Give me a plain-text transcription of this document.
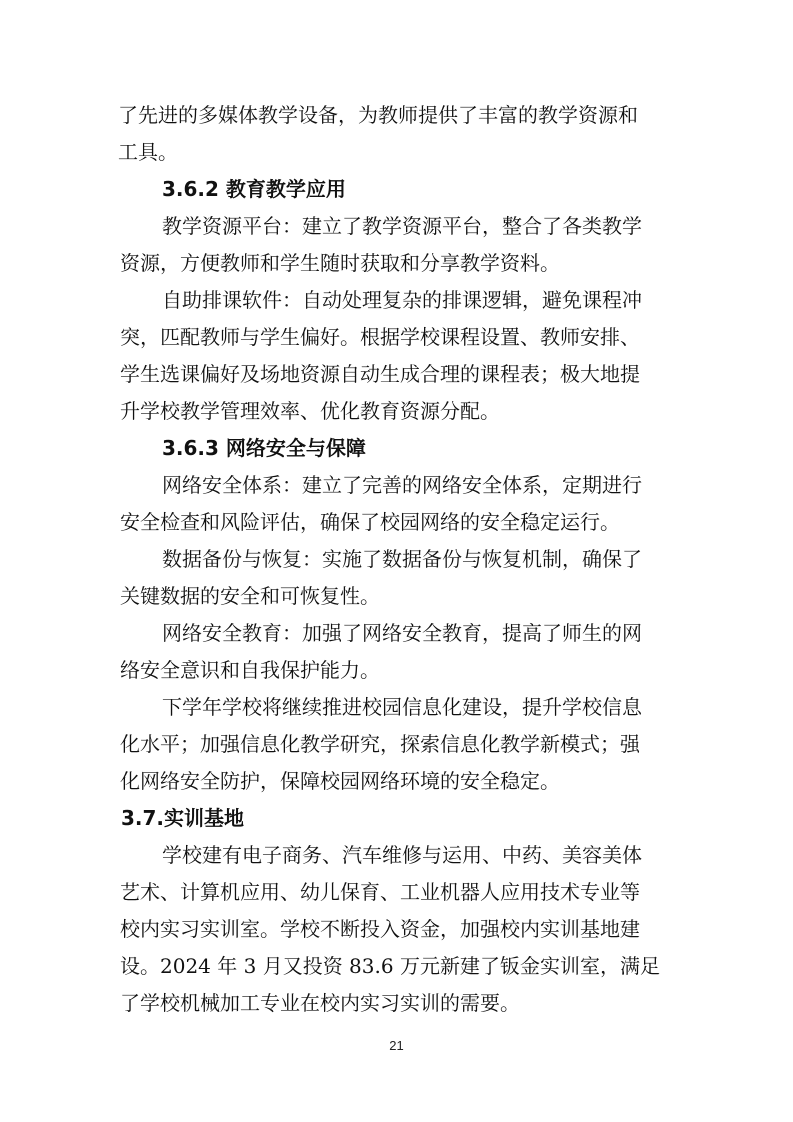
了先进的多媒体教学设备，为教师提供了丰富的教学资源和
工具。
3.6.2 教育教学应用
教学资源平台：建立了教学资源平台，整合了各类教学
资源，方便教师和学生随时获取和分享教学资料。
自助排课软件：自动处理复杂的排课逻辑，避免课程冲
突，匹配教师与学生偏好。根据学校课程设置、教师安排、
学生选课偏好及场地资源自动生成合理的课程表；极大地提
升学校教学管理效率、优化教育资源分配。
3.6.3 网络安全与保障
网络安全体系：建立了完善的网络安全体系，定期进行
安全检查和风险评估，确保了校园网络的安全稳定运行。
数据备份与恢复：实施了数据备份与恢复机制，确保了
关键数据的安全和可恢复性。
网络安全教育：加强了网络安全教育，提高了师生的网
络安全意识和自我保护能力。
下学年学校将继续推进校园信息化建设，提升学校信息
化水平；加强信息化教学研究，探索信息化教学新模式；强
化网络安全防护，保障校园网络环境的安全稳定。
3.7.实训基地
学校建有电子商务、汽车维修与运用、中药、美容美体
艺术、计算机应用、幼儿保育、工业机器人应用技术专业等
校内实习实训室。学校不断投入资金，加强校内实训基地建
设。2024 年 3 月又投资 83.6 万元新建了钣金实训室，满足
了学校机械加工专业在校内实习实训的需要。
21
